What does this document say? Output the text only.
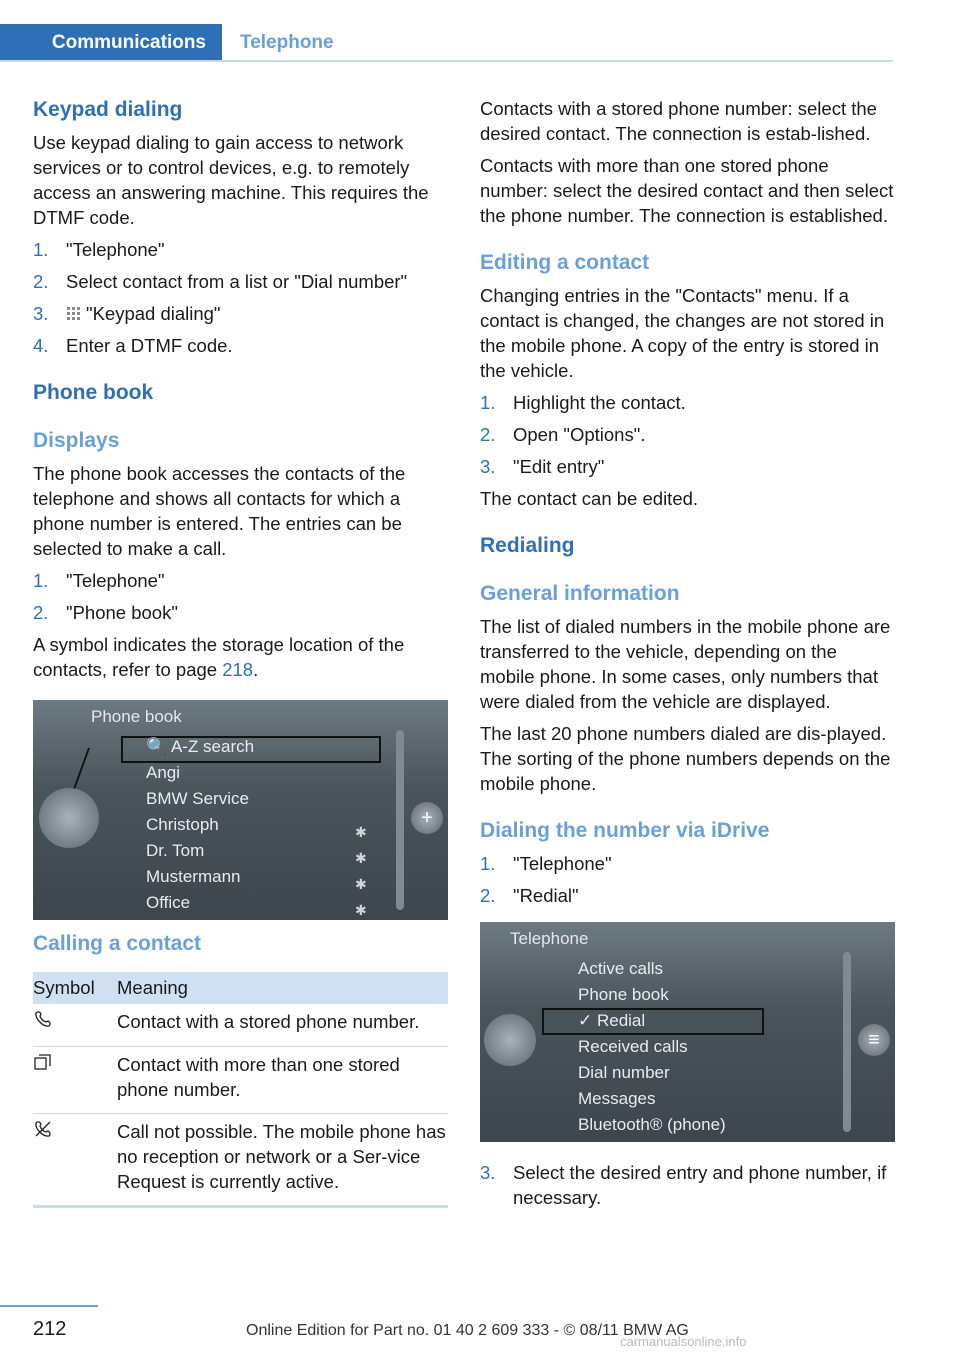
Communications	Telephone
Keypad dialing

Use keypad dialing to gain access to network services or to control devices, e.g. to remotely access an answering machine. This requires the DTMF code.

1. "Telephone"
2. Select contact from a list or "Dial number"
3. "Keypad dialing"
4. Enter a DTMF code.
Phone book
Displays

The phone book accesses the contacts of the telephone and shows all contacts for which a phone number is entered. The entries can be selected to make a call.

1. "Telephone"
2. "Phone book"

A symbol indicates the storage location of the contacts, refer to page 218.

Phone book
+
🔍 A-Z search
Angi
BMW Service
Christoph
Dr. Tom
Mustermann
Office
✱
✱
✱
✱
Calling a contact
Symbol	Meaning
	Contact with a stored phone number.
	Contact with more than one stored phone number.
	Call not possible. The mobile phone has no reception or network or a Ser-vice Request is currently active.

Contacts with a stored phone number: select the desired contact. The connection is estab-lished.

Contacts with more than one stored phone number: select the desired contact and then select the phone number. The connection is established.

Editing a contact

Changing entries in the "Contacts" menu. If a contact is changed, the changes are not stored in the mobile phone. A copy of the entry is stored in the vehicle.

1. Highlight the contact.
2. Open "Options".
3. "Edit entry"

The contact can be edited.

Redialing
General information

The list of dialed numbers in the mobile phone are transferred to the vehicle, depending on the mobile phone. In some cases, only numbers that were dialed from the vehicle are displayed.

The last 20 phone numbers dialed are dis-played. The sorting of the phone numbers depends on the mobile phone.

Dialing the number via iDrive
1. "Telephone"
2. "Redial"
Telephone
≡
Active calls
Phone book
✓ Redial
Received calls
Dial number
Messages
Bluetooth® (phone)
3. Select the desired entry and phone number, if necessary.
212	Online Edition for Part no. 01 40 2 609 333 - © 08/11 BMW AG
carmanualsonline.info
